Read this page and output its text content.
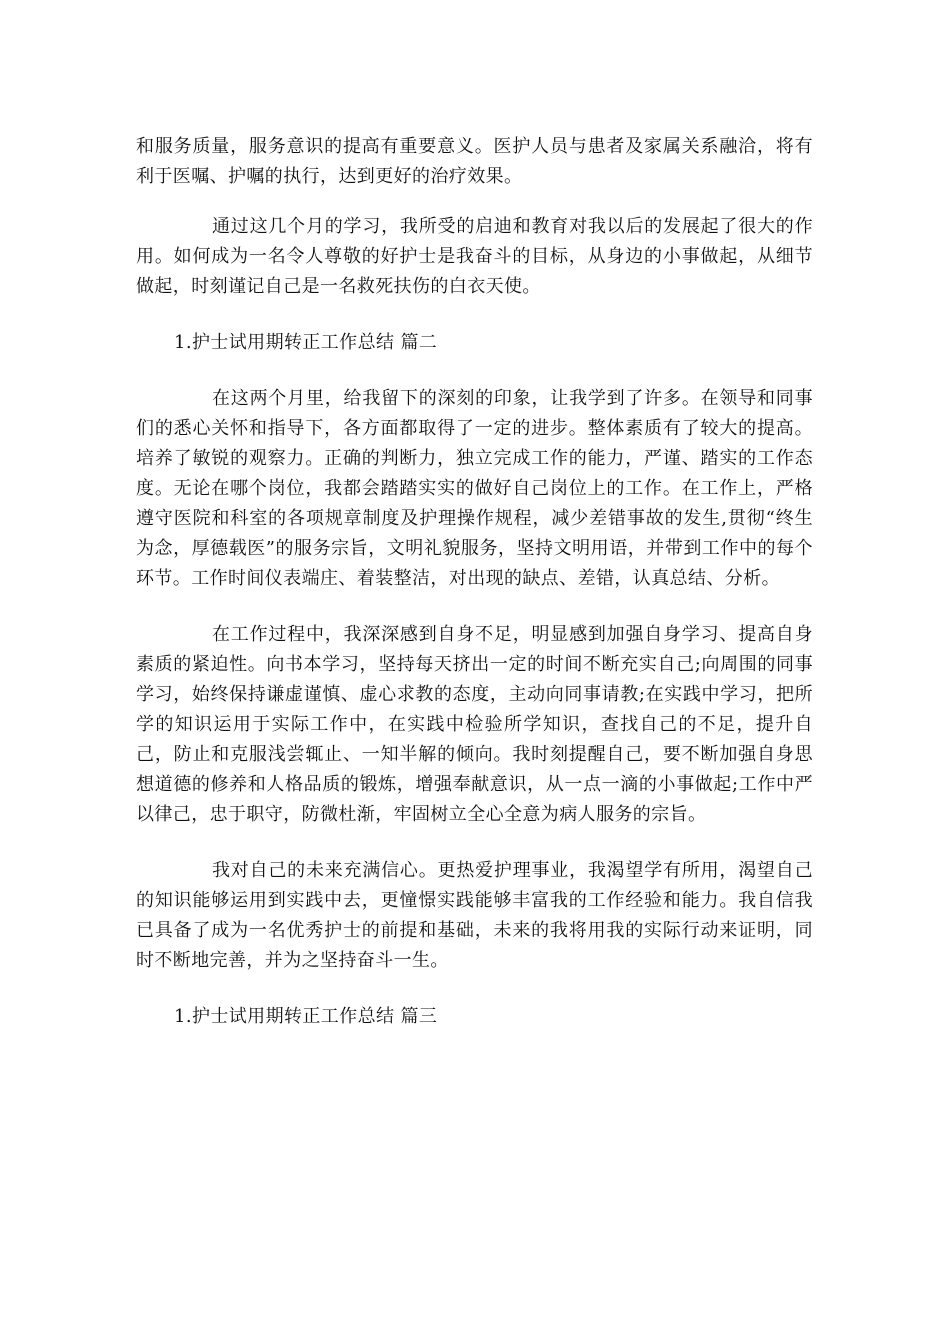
和服务质量，服务意识的提高有重要意义。医护人员与患者及家属关系融洽，将有利于医嘱、护嘱的执行，达到更好的治疗效果。

通过这几个月的学习，我所受的启迪和教育对我以后的发展起了很大的作用。如何成为一名令人尊敬的好护士是我奋斗的目标，从身边的小事做起，从细节做起，时刻谨记自己是一名救死扶伤的白衣天使。

1.护士试用期转正工作总结 篇二

在这两个月里，给我留下的深刻的印象，让我学到了许多。在领导和同事们的悉心关怀和指导下，各方面都取得了一定的进步。整体素质有了较大的提高。培养了敏锐的观察力。正确的判断力，独立完成工作的能力，严谨、踏实的工作态度。无论在哪个岗位，我都会踏踏实实的做好自己岗位上的工作。在工作上，严格遵守医院和科室的各项规章制度及护理操作规程，减少差错事故的发生,贯彻“终生为念，厚德载医”的服务宗旨，文明礼貌服务，坚持文明用语，并带到工作中的每个环节。工作时间仪表端庄、着装整洁，对出现的缺点、差错，认真总结、分析。

在工作过程中，我深深感到自身不足，明显感到加强自身学习、提高自身素质的紧迫性。向书本学习，坚持每天挤出一定的时间不断充实自己;向周围的同事学习，始终保持谦虚谨慎、虚心求教的态度，主动向同事请教;在实践中学习，把所学的知识运用于实际工作中，在实践中检验所学知识，查找自己的不足，提升自己，防止和克服浅尝辄止、一知半解的倾向。我时刻提醒自己，要不断加强自身思想道德的修养和人格品质的锻炼，增强奉献意识，从一点一滴的小事做起;工作中严以律己，忠于职守，防微杜渐，牢固树立全心全意为病人服务的宗旨。

我对自己的未来充满信心。更热爱护理事业，我渴望学有所用，渴望自己的知识能够运用到实践中去，更憧憬实践能够丰富我的工作经验和能力。我自信我已具备了成为一名优秀护士的前提和基础，未来的我将用我的实际行动来证明，同时不断地完善，并为之坚持奋斗一生。

1.护士试用期转正工作总结 篇三
